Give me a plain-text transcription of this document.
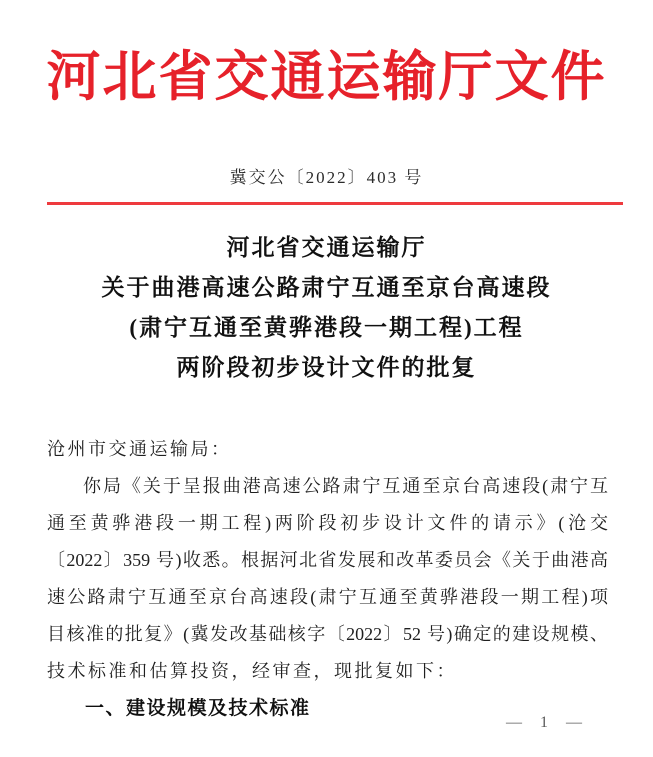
河北省交通运输厅文件
冀交公〔2022〕403 号
河北省交通运输厅
关于曲港高速公路肃宁互通至京台高速段
(肃宁互通至黄骅港段一期工程)工程
两阶段初步设计文件的批复
沧州市交通运输局：
你局《关于呈报曲港高速公路肃宁互通至京台高速段(肃宁互
通至黄骅港段一期工程)两阶段初步设计文件的请示》(沧交
〔2022〕359 号)收悉。根据河北省发展和改革委员会《关于曲港高
速公路肃宁互通至京台高速段(肃宁互通至黄骅港段一期工程)项
目核准的批复》(冀发改基础核字〔2022〕52 号)确定的建设规模、
技术标准和估算投资，经审查，现批复如下：
一、建设规模及技术标准
— 1 —
